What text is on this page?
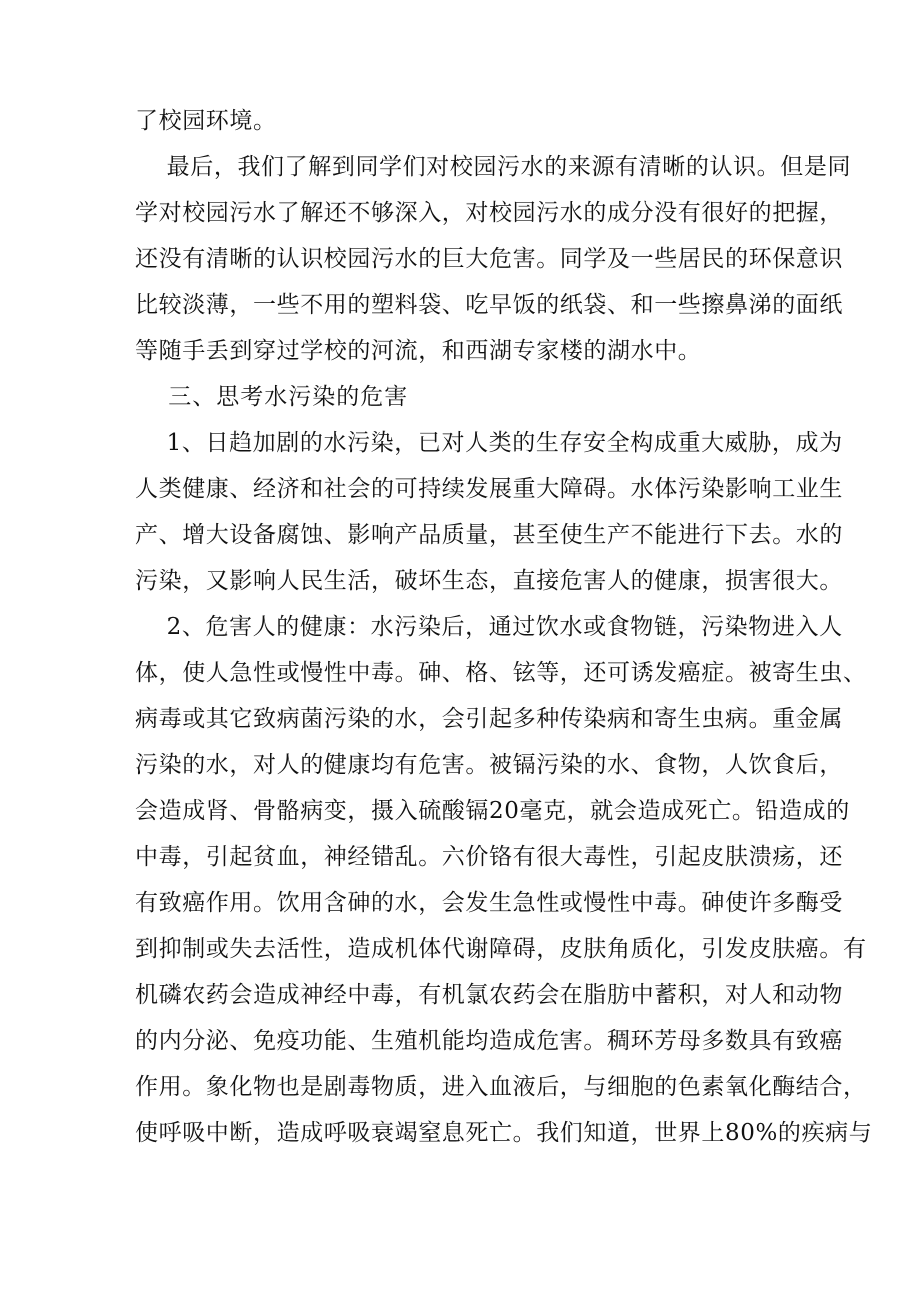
了校园环境。
最后，我们了解到同学们对校园污水的来源有清晰的认识。但是同
学对校园污水了解还不够深入，对校园污水的成分没有很好的把握，
还没有清晰的认识校园污水的巨大危害。同学及一些居民的环保意识
比较淡薄，一些不用的塑料袋、吃早饭的纸袋、和一些擦鼻涕的面纸
等随手丢到穿过学校的河流，和西湖专家楼的湖水中。
三、思考水污染的危害
1、日趋加剧的水污染，已对人类的生存安全构成重大威胁，成为
人类健康、经济和社会的可持续发展重大障碍。水体污染影响工业生
产、增大设备腐蚀、影响产品质量，甚至使生产不能进行下去。水的
污染，又影响人民生活，破坏生态，直接危害人的健康，损害很大。
2、危害人的健康：水污染后，通过饮水或食物链，污染物进入人
体，使人急性或慢性中毒。砷、格、铉等，还可诱发癌症。被寄生虫、
病毒或其它致病菌污染的水，会引起多种传染病和寄生虫病。重金属
污染的水，对人的健康均有危害。被镉污染的水、食物，人饮食后，
会造成肾、骨骼病变，摄入硫酸镉20毫克，就会造成死亡。铅造成的
中毒，引起贫血，神经错乱。六价铬有很大毒性，引起皮肤溃疡，还
有致癌作用。饮用含砷的水，会发生急性或慢性中毒。砷使许多酶受
到抑制或失去活性，造成机体代谢障碍，皮肤角质化，引发皮肤癌。有
机磷农药会造成神经中毒，有机氯农药会在脂肪中蓄积，对人和动物
的内分泌、免疫功能、生殖机能均造成危害。稠环芳母多数具有致癌
作用。象化物也是剧毒物质，进入血液后，与细胞的色素氧化酶结合，
使呼吸中断，造成呼吸衰竭窒息死亡。我们知道，世界上80%的疾病与
